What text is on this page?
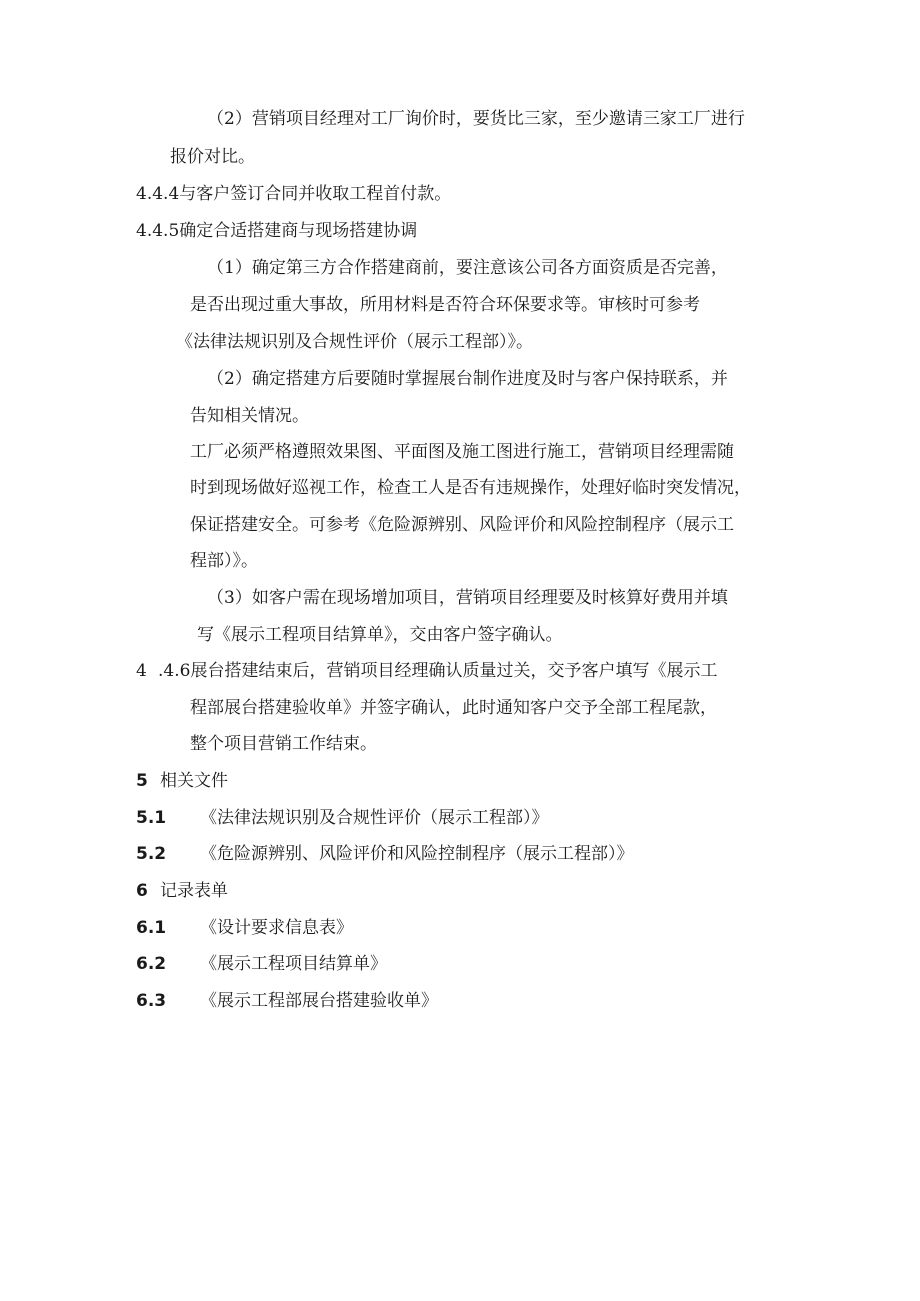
（2）营销项目经理对工厂询价时，要货比三家，至少邀请三家工厂进行
报价对比。
4.4.4与客户签订合同并收取工程首付款。
4.4.5确定合适搭建商与现场搭建协调
（1）确定第三方合作搭建商前，要注意该公司各方面资质是否完善，
是否出现过重大事故，所用材料是否符合环保要求等。审核时可参考
《法律法规识别及合规性评价（展示工程部）》。
（2）确定搭建方后要随时掌握展台制作进度及时与客户保持联系，并
告知相关情况。
工厂必须严格遵照效果图、平面图及施工图进行施工，营销项目经理需随
时到现场做好巡视工作，检查工人是否有违规操作，处理好临时突发情况，
保证搭建安全。可参考《危险源辨别、风险评价和风险控制程序（展示工
程部）》。
（3）如客户需在现场增加项目，营销项目经理要及时核算好费用并填
写《展示工程项目结算单》，交由客户签字确认。
4 .4.6展台搭建结束后，营销项目经理确认质量过关，交予客户填写《展示工
程部展台搭建验收单》并签字确认，此时通知客户交予全部工程尾款，
整个项目营销工作结束。
5 相关文件
5.1 《法律法规识别及合规性评价（展示工程部）》
5.2 《危险源辨别、风险评价和风险控制程序（展示工程部）》
6 记录表单
6.1 《设计要求信息表》
6.2 《展示工程项目结算单》
6.3 《展示工程部展台搭建验收单》
